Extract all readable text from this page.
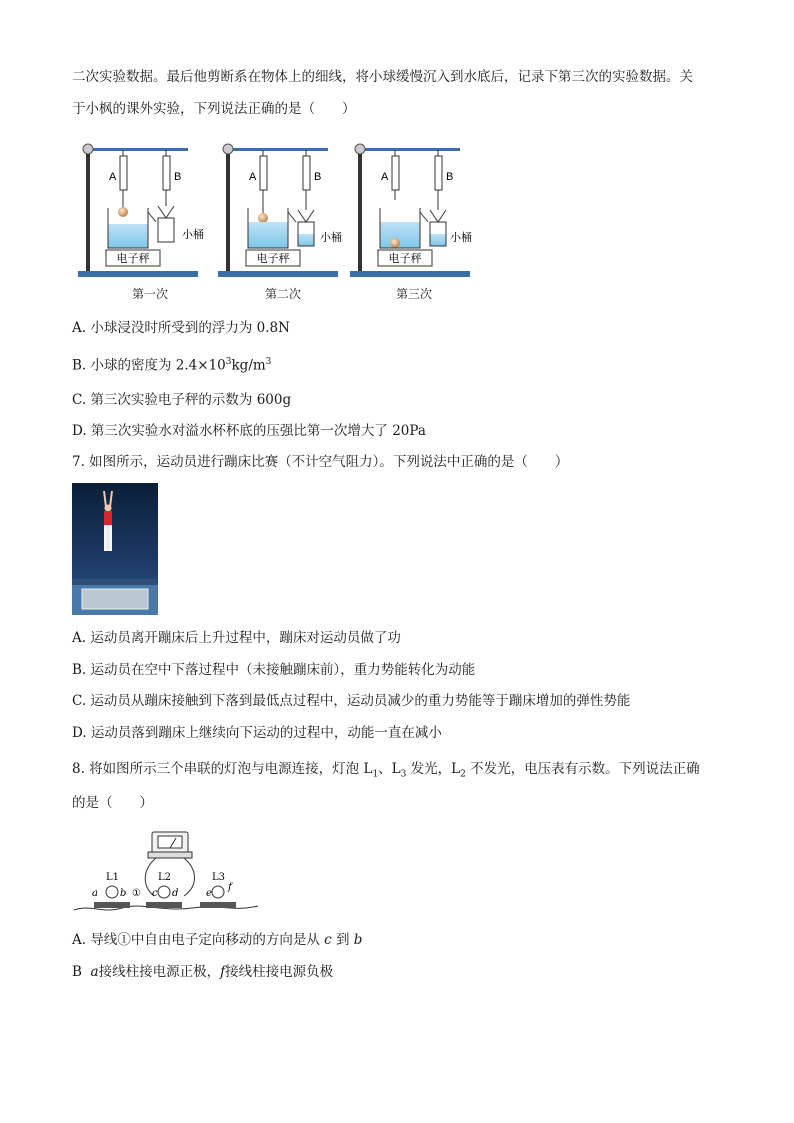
二次实验数据。最后他剪断系在物体上的细线，将小球缓慢沉入到水底后，记录下第三次的实验数据。关
于小枫的课外实验，下列说法正确的是（　　）
A	B
电子秤
小桶
A	B
电子秤
小桶
A	B
电子秤
小桶
第一次	第二次	第三次
A. 小球浸没时所受到的浮力为 0.8N
B. 小球的密度为 $2.4\times 10^3kg/m^3$
C. 第三次实验电子秤的示数为 600g
D. 第三次实验水对溢水杯杯底的压强比第一次增大了 20Pa
7. 如图所示，运动员进行蹦床比赛（不计空气阻力）。下列说法中正确的是（　　）
A. 运动员离开蹦床后上升过程中，蹦床对运动员做了功
B. 运动员在空中下落过程中（未接触蹦床前），重力势能转化为动能
C. 运动员从蹦床接触到下落到最低点过程中，运动员减少的重力势能等于蹦床增加的弹性势能
D. 运动员落到蹦床上继续向下运动的过程中，动能一直在减小
8. 将如图所示三个串联的灯泡与电源连接，灯泡 $L_1$、$L_3$ 发光，$L_2$ 不发光，电压表有示数。下列说法正确
的是（　　）
L1	L2	L3
a b ① c d	e
f
A. 导线①中自由电子定向移动的方向是从 c 到 b
B a接线柱接电源正极，f接线柱接电源负极
